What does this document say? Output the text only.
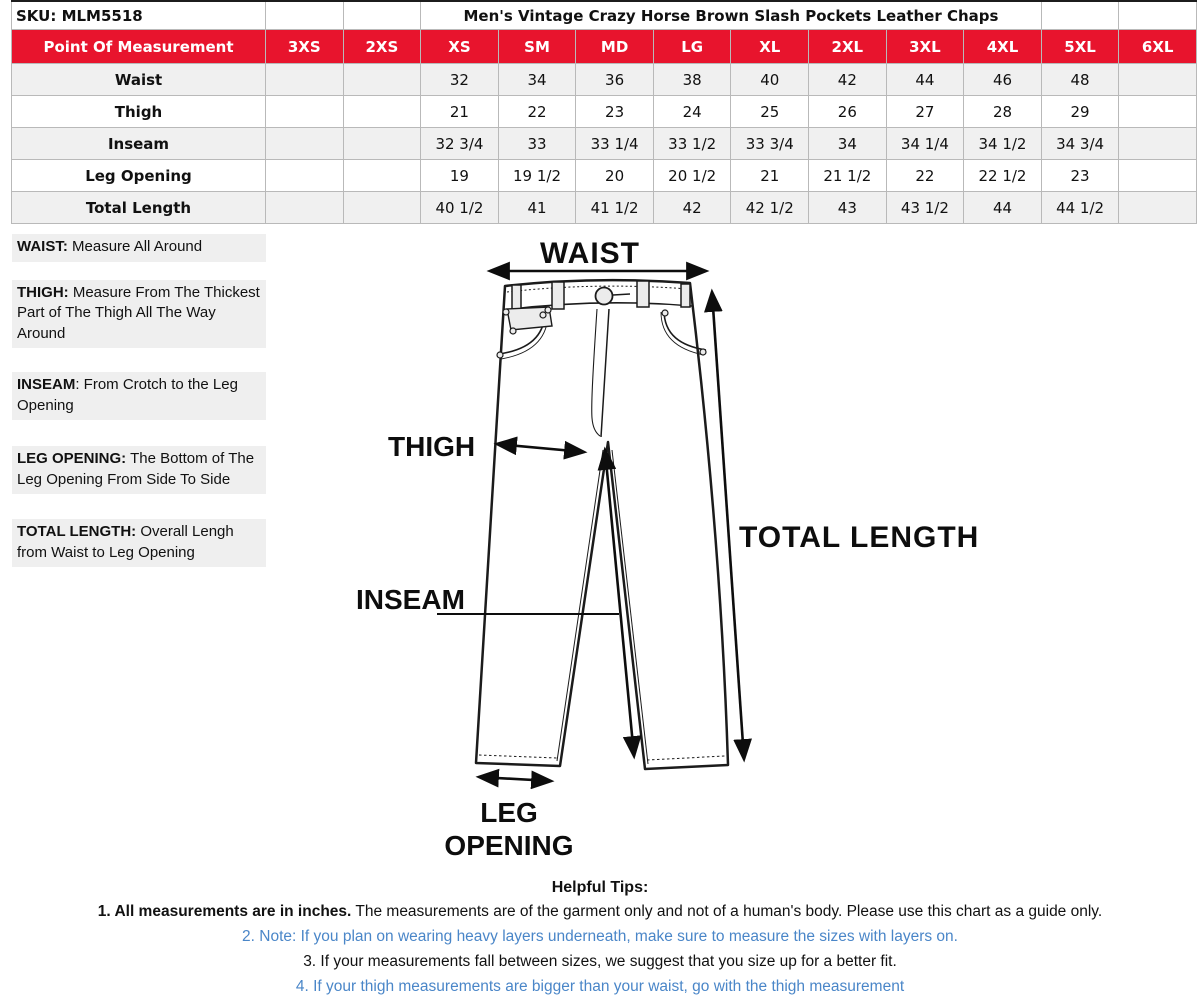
SKU: MLM5518			Men's Vintage Crazy Horse Brown Slash Pockets Leather Chaps									
Point Of Measurement	3XS	2XS	XS	SM	MD	LG	XL	2XL	3XL	4XL	5XL	6XL
Waist			32	34	36	38	40	42	44	46	48	
Thigh			21	22	23	24	25	26	27	28	29	
Inseam			32 3/4	33	33 1/4	33 1/2	33 3/4	34	34 1/4	34 1/2	34 3/4	
Leg Opening			19	19 1/2	20	20 1/2	21	21 1/2	22	22 1/2	23	
Total Length			40 1/2	41	41 1/2	42	42 1/2	43	43 1/2	44	44 1/2	
WAIST: Measure All Around
THIGH: Measure From The Thickest Part of The Thigh All The Way Around
INSEAM: From Crotch to the Leg Opening
LEG OPENING: The Bottom of The Leg Opening From Side To Side
TOTAL LENGTH: Overall Lengh from Waist to Leg Opening
WAIST
THIGH
INSEAM
TOTAL LENGTH
LEG
OPENING
Helpful Tips:
1. All measurements are in inches. The measurements are of the garment only and not of a human's body. Please use this chart as a guide only.
2. Note: If you plan on wearing heavy layers underneath, make sure to measure the sizes with layers on.
3. If your measurements fall between sizes, we suggest that you size up for a better fit.
4. If your thigh measurements are bigger than your waist, go with the thigh measurement
